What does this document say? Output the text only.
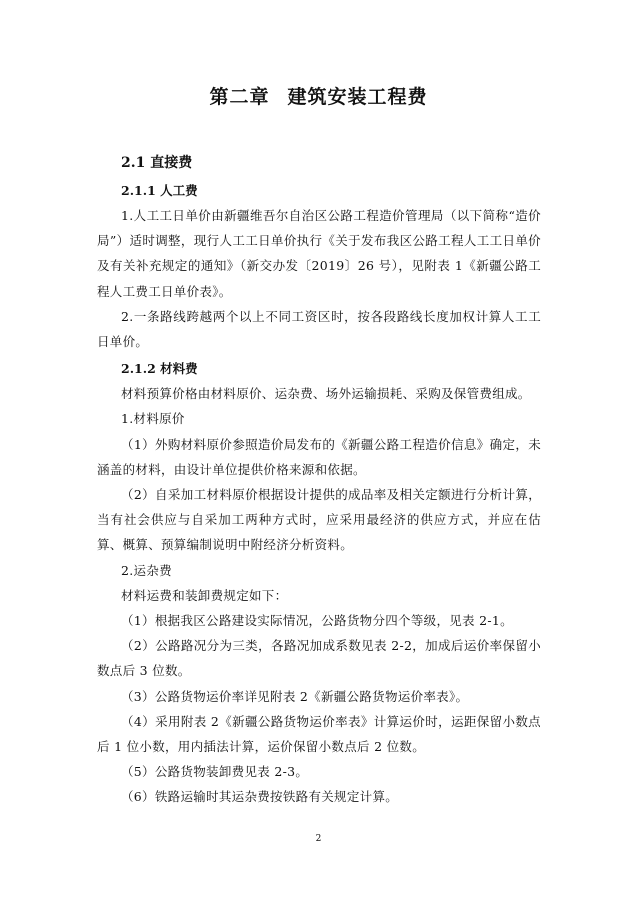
第二章 建筑安装工程费
2.1 直接费
2.1.1 人工费

1.人工工日单价由新疆维吾尔自治区公路工程造价管理局（以下简称“造价局”）适时调整，现行人工工日单价执行《关于发布我区公路工程人工工日单价及有关补充规定的通知》（新交办发〔2019〕26 号），见附表 1《新疆公路工程人工费工日单价表》。

2.一条路线跨越两个以上不同工资区时，按各段路线长度加权计算人工工日单价。

2.1.2 材料费

材料预算价格由材料原价、运杂费、场外运输损耗、采购及保管费组成。

1.材料原价

（1）外购材料原价参照造价局发布的《新疆公路工程造价信息》确定，未涵盖的材料，由设计单位提供价格来源和依据。

（2）自采加工材料原价根据设计提供的成品率及相关定额进行分析计算，当有社会供应与自采加工两种方式时，应采用最经济的供应方式，并应在估算、概算、预算编制说明中附经济分析资料。

2.运杂费

材料运费和装卸费规定如下：

（1）根据我区公路建设实际情况，公路货物分四个等级，见表 2-1。

（2）公路路况分为三类，各路况加成系数见表 2-2，加成后运价率保留小数点后 3 位数。

（3）公路货物运价率详见附表 2《新疆公路货物运价率表》。

（4）采用附表 2《新疆公路货物运价率表》计算运价时，运距保留小数点后 1 位小数，用内插法计算，运价保留小数点后 2 位数。

（5）公路货物装卸费见表 2-3。

（6）铁路运输时其运杂费按铁路有关规定计算。

2
